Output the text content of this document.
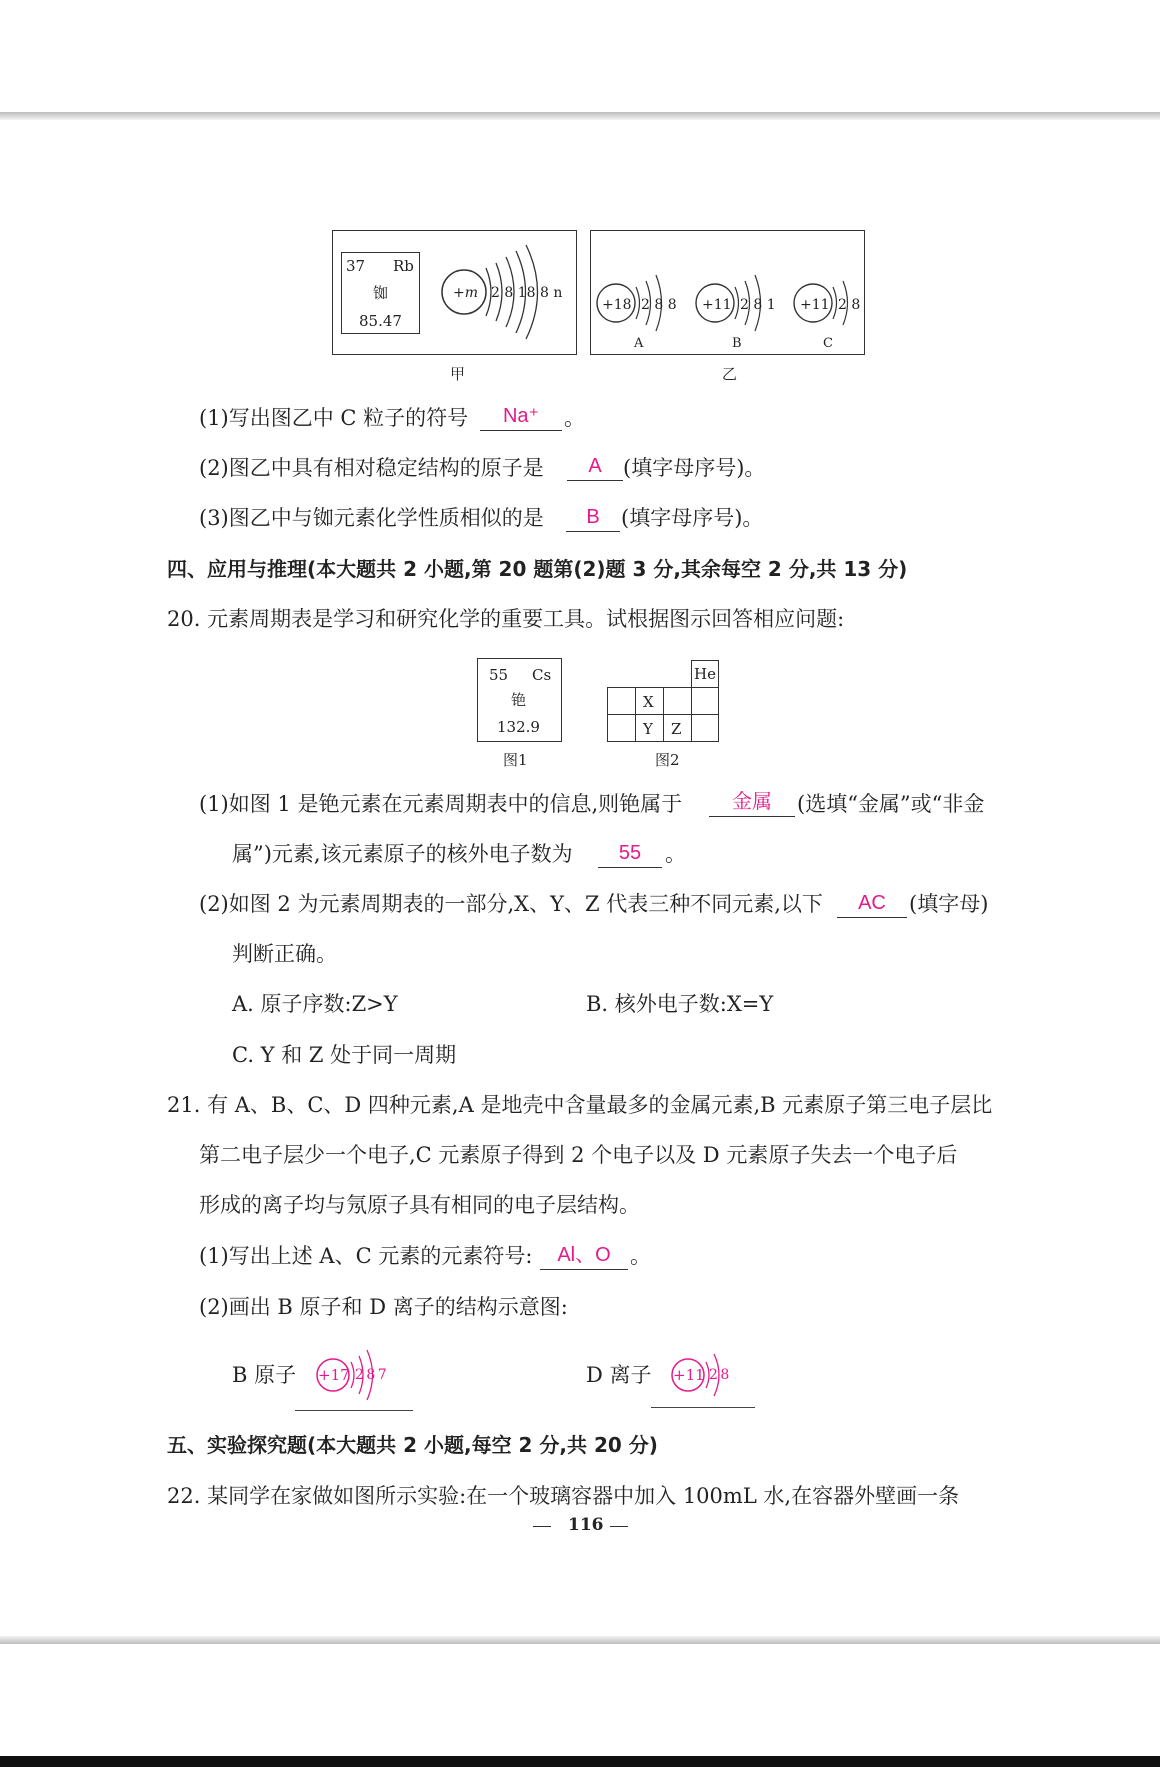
37 Rb
铷
85.47
+m 2 8 18 8 n
甲
+18 2 8 8
A
+11 2 8 1
B
+11 2 8
C
乙
(1)写出图乙中 C 粒子的符号	Na⁺	。
(2)图乙中具有相对稳定结构的原子是	A	(填字母序号)。
(3)图乙中与铷元素化学性质相似的是	B	(填字母序号)。
四、应用与推理(本大题共 2 小题,第 20 题第(2)题 3 分,其余每空 2 分,共 13 分)
20. 元素周期表是学习和研究化学的重要工具。试根据图示回答相应问题:
55 Cs
铯
132.9
图1
He
X
Y Z
图2
(1)如图 1 是铯元素在元素周期表中的信息,则铯属于	金属	(选填“金属”或“非金
属”)元素,该元素原子的核外电子数为	55	。
(2)如图 2 为元素周期表的一部分,X、Y、Z 代表三种不同元素,以下	AC	(填字母)
判断正确。
A. 原子序数:Z>Y	B. 核外电子数:X=Y
C. Y 和 Z 处于同一周期
21. 有 A、B、C、D 四种元素,A 是地壳中含量最多的金属元素,B 元素原子第三电子层比
第二电子层少一个电子,C 元素原子得到 2 个电子以及 D 元素原子失去一个电子后
形成的离子均与氖原子具有相同的电子层结构。
(1)写出上述 A、C 元素的元素符号:	Al、O 。
(2)画出 B 原子和 D 离子的结构示意图:
B 原子 +17 2 8 7	D 离子 +11 2 8
五、实验探究题(本大题共 2 小题,每空 2 分,共 20 分)
22. 某同学在家做如图所示实验:在一个玻璃容器中加入 100mL 水,在容器外壁画一条
116
